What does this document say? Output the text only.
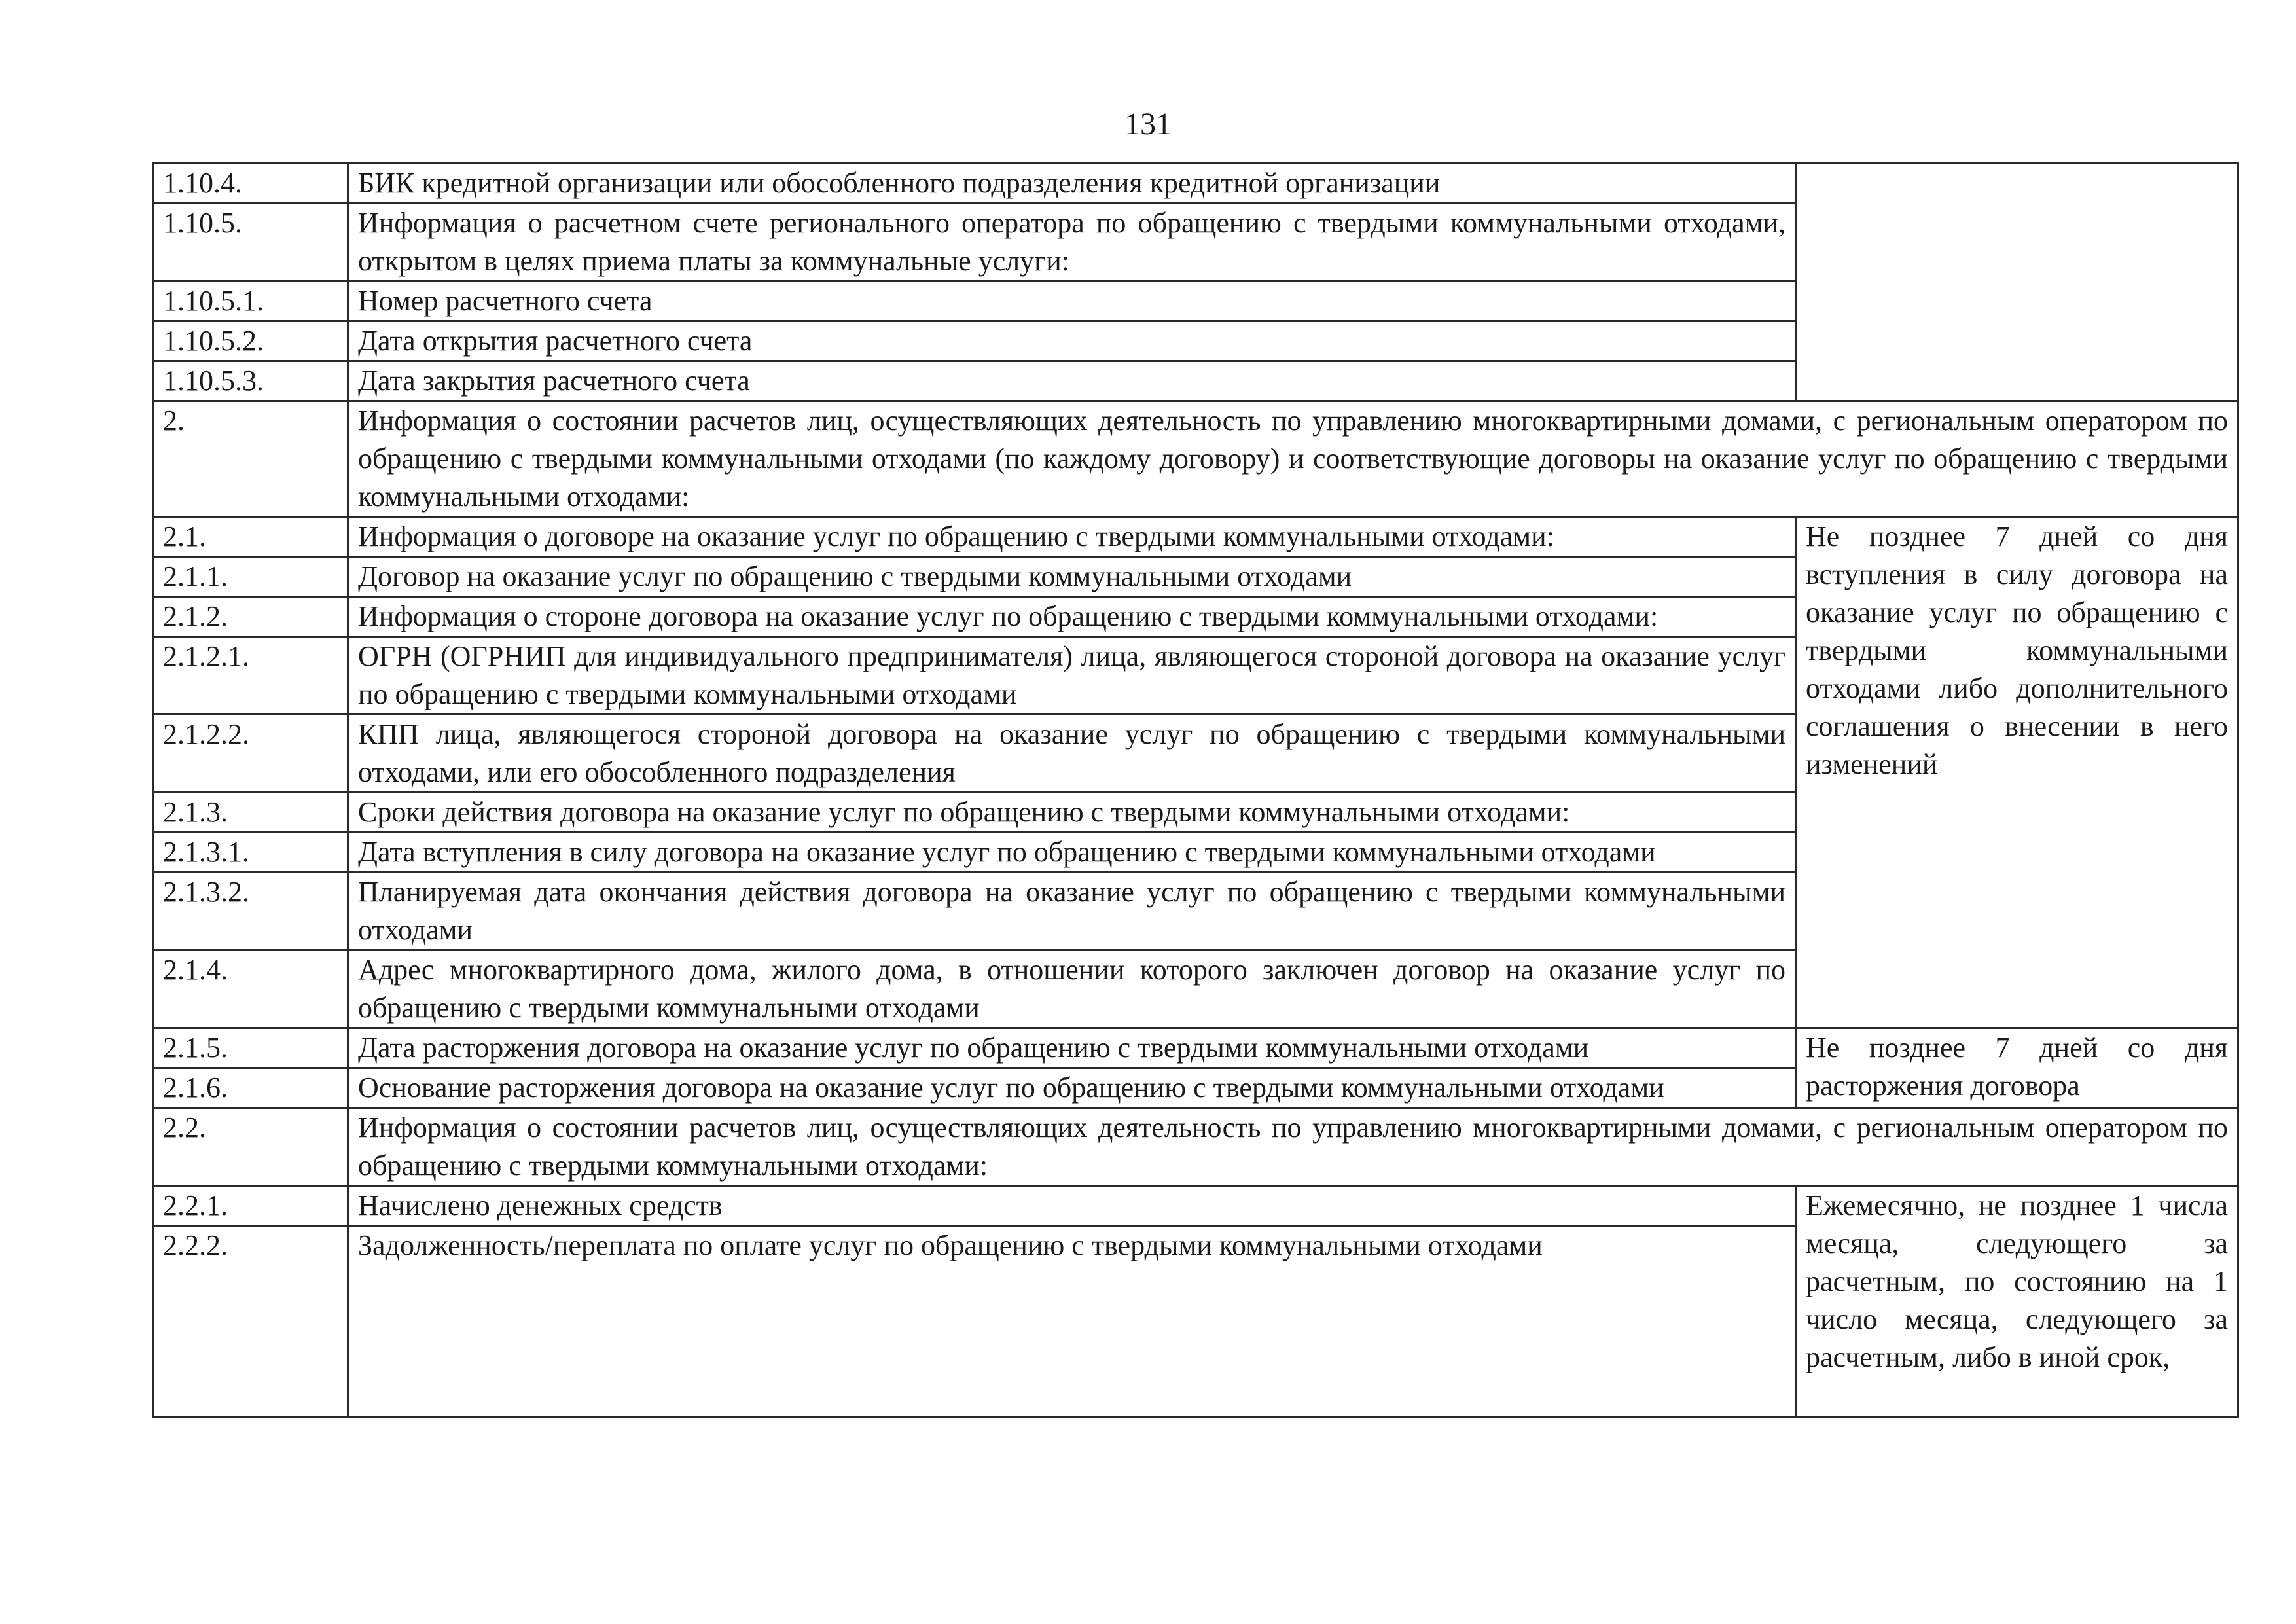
131
1.10.4.	БИК кредитной организации или обособленного подразделения кредитной организации	
1.10.5.	Информация о расчетном счете регионального оператора по обращению с твердыми коммунальными отходами, открытом в целях приема платы за коммунальные услуги:	
1.10.5.1.	Номер расчетного счета	
1.10.5.2.	Дата открытия расчетного счета	
1.10.5.3.	Дата закрытия расчетного счета	
2.	Информация о состоянии расчетов лиц, осуществляющих деятельность по управлению многоквартирными домами, с региональным оператором по обращению с твердыми коммунальными отходами (по каждому договору) и соответствующие договоры на оказание услуг по обращению с твердыми коммунальными отходами:	
2.1.	Информация о договоре на оказание услуг по обращению с твердыми коммунальными отходами:	Не позднее 7 дней со дня вступления в силу договора на оказание услуг по обращению с твердыми коммунальными отходами либо дополнительного соглашения о внесении в него изменений
2.1.1.	Договор на оказание услуг по обращению с твердыми коммунальными отходами	
2.1.2.	Информация о стороне договора на оказание услуг по обращению с твердыми коммунальными отходами:	
2.1.2.1.	ОГРН (ОГРНИП для индивидуального предпринимателя) лица, являющегося стороной договора на оказание услуг по обращению с твердыми коммунальными отходами	
2.1.2.2.	КПП лица, являющегося стороной договора на оказание услуг по обращению с твердыми коммунальными отходами, или его обособленного подразделения	
2.1.3.	Сроки действия договора на оказание услуг по обращению с твердыми коммунальными отходами:	
2.1.3.1.	Дата вступления в силу договора на оказание услуг по обращению с твердыми коммунальными отходами	
2.1.3.2.	Планируемая дата окончания действия договора на оказание услуг по обращению с твердыми коммунальными отходами	
2.1.4.	Адрес многоквартирного дома, жилого дома, в отношении которого заключен договор на оказание услуг по обращению с твердыми коммунальными отходами	
2.1.5.	Дата расторжения договора на оказание услуг по обращению с твердыми коммунальными отходами	Не позднее 7 дней со дня расторжения договора
2.1.6.	Основание расторжения договора на оказание услуг по обращению с твердыми коммунальными отходами	
2.2.	Информация о состоянии расчетов лиц, осуществляющих деятельность по управлению многоквартирными домами, с региональным оператором по обращению с твердыми коммунальными отходами:	
2.2.1.	Начислено денежных средств	Ежемесячно, не позднее 1 числа месяца, следующего за расчетным, по состоянию на 1 число месяца, следующего за расчетным, либо в иной срок,
2.2.2.	Задолженность/переплата по оплате услуг по обращению с твердыми коммунальными отходами	
